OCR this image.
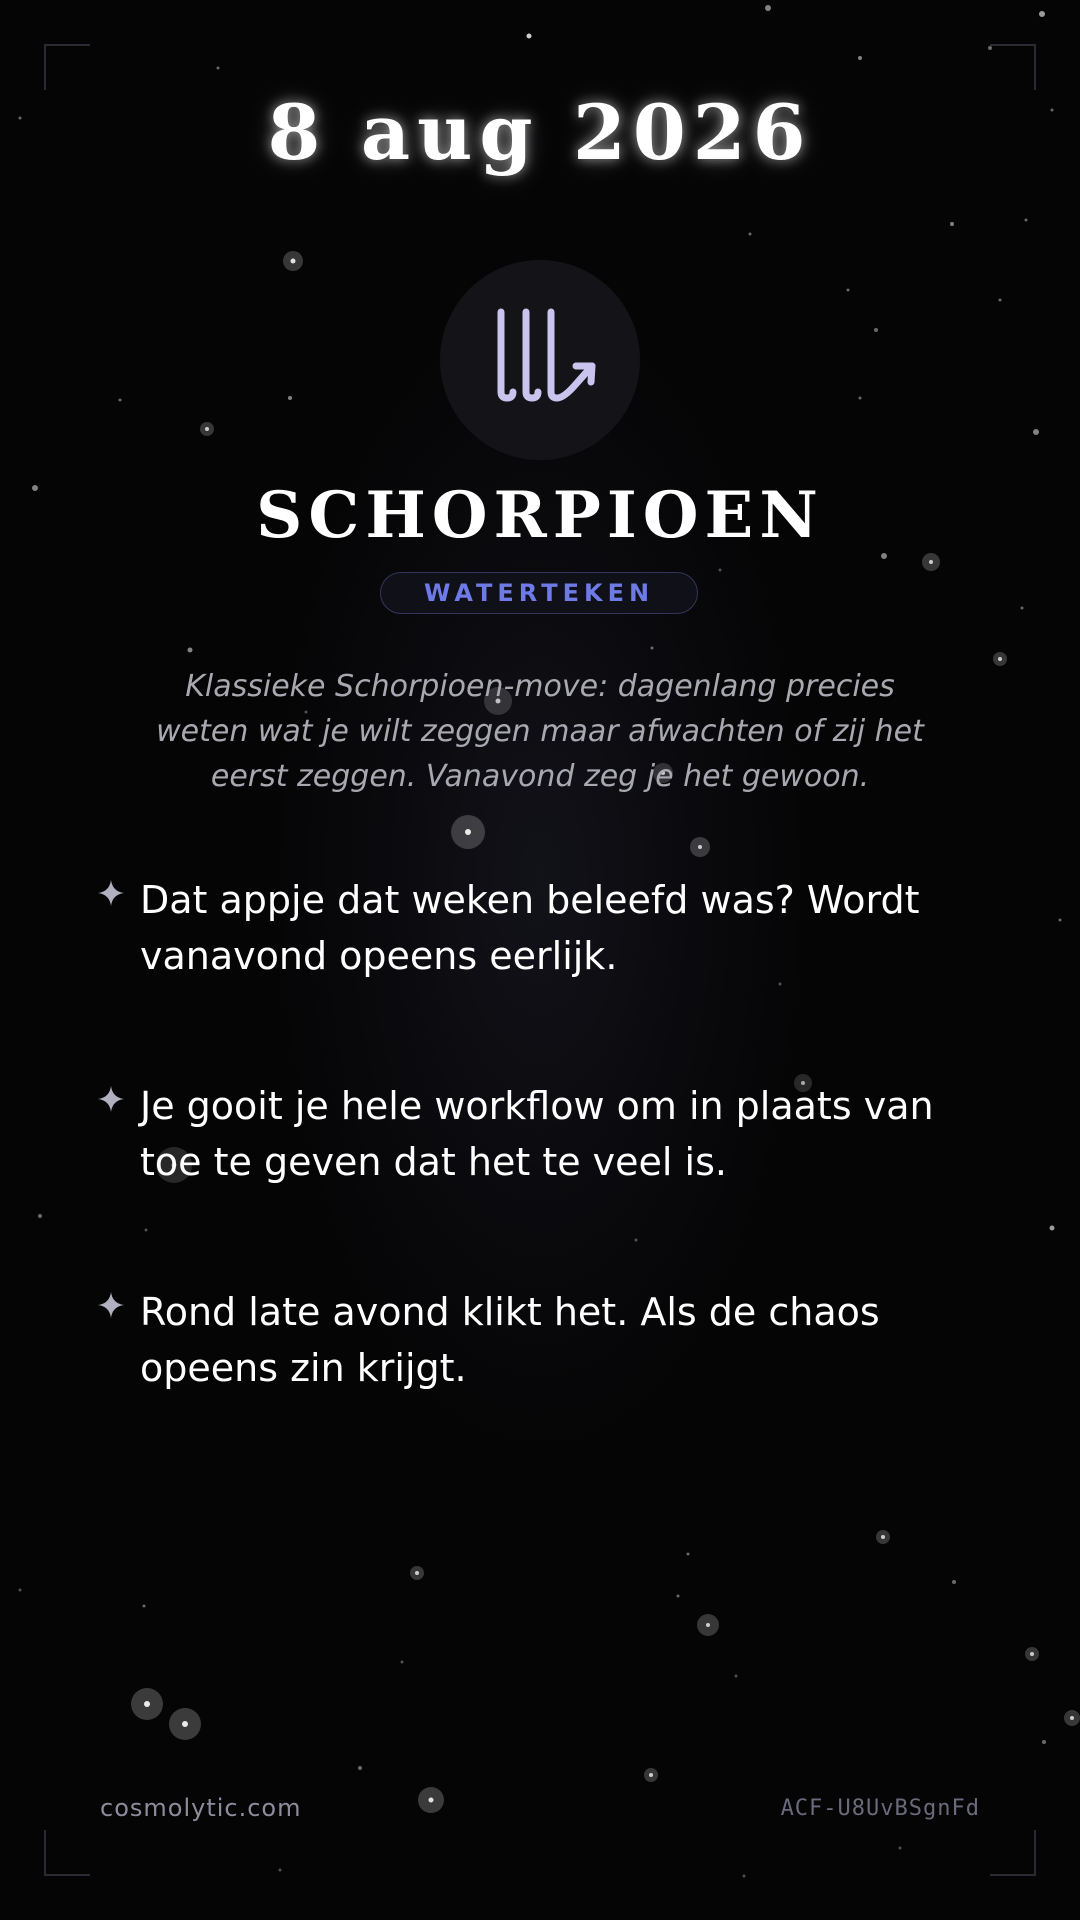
8 aug 2026
SCHORPIOEN
WATERTEKEN
Klassieke Schorpioen-move: dagenlang precies weten wat je wilt zeggen maar afwachten of zij het eerst zeggen. Vanavond zeg je het gewoon.
Dat appje dat weken beleefd was? Wordt vanavond opeens eerlijk.
Je gooit je hele workflow om in plaats van toe te geven dat het te veel is.
Rond late avond klikt het. Als de chaos opeens zin krijgt.
cosmolytic.com	ACF-U8UvBSgnFd
